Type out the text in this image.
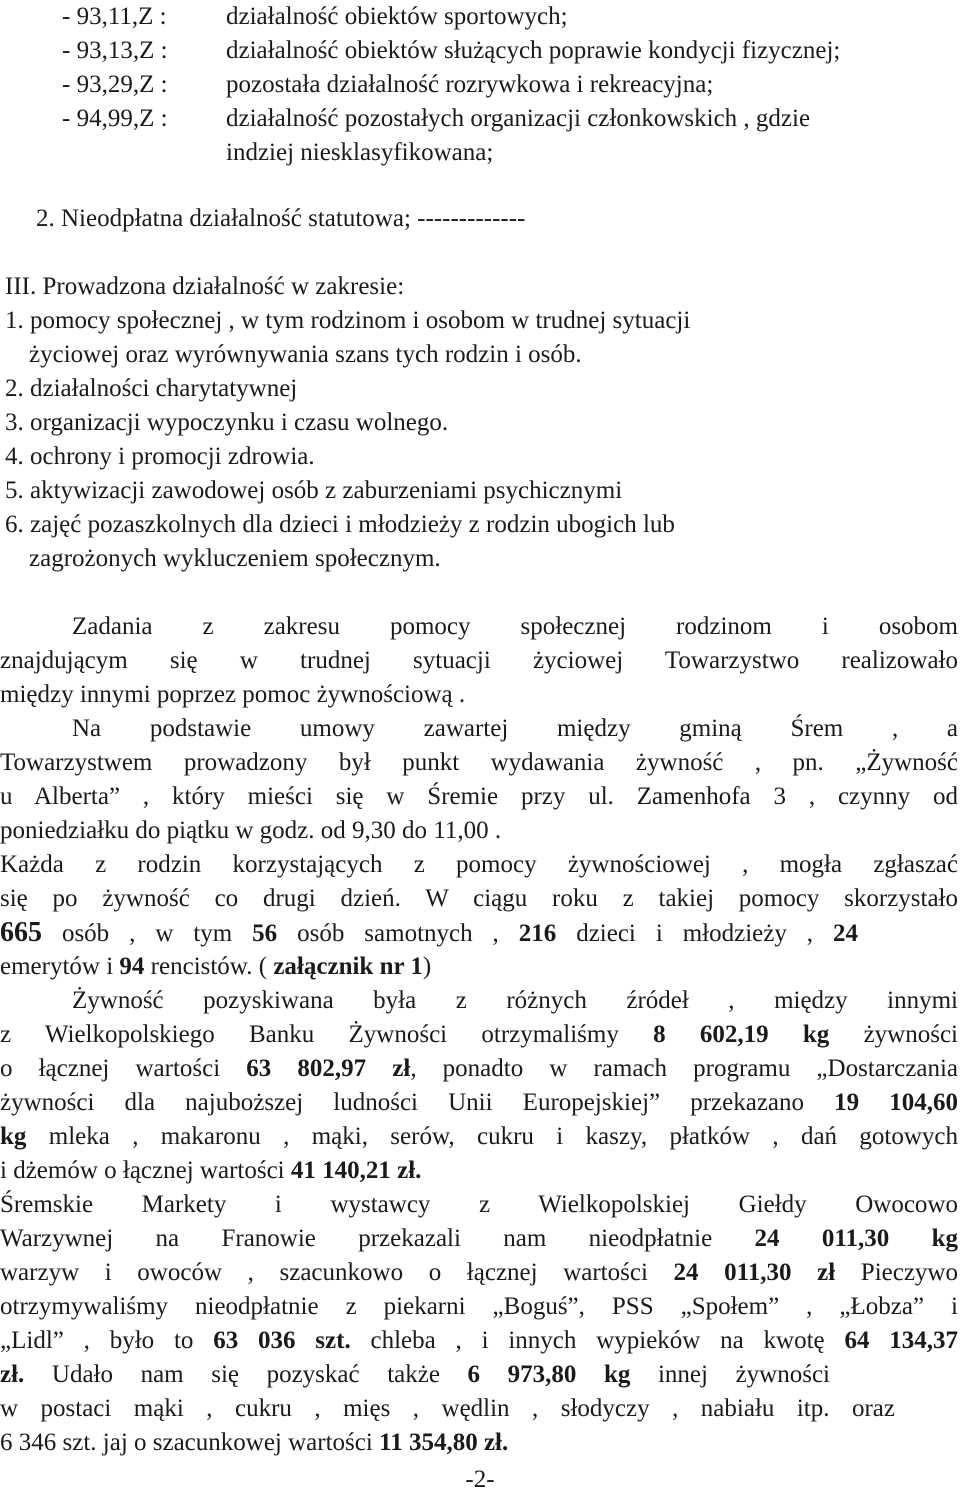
- 93,11,Z :	działalność obiektów sportowych;
- 93,13,Z :	działalność obiektów służących poprawie kondycji fizycznej;
- 93,29,Z :	pozostała działalność rozrywkowa i rekreacyjna;
- 94,99,Z :	działalność pozostałych organizacji członkowskich , gdzie
indziej niesklasyfikowana;
2. Nieodpłatna działalność statutowa; -------------
III. Prowadzona działalność w zakresie:
1. pomocy społecznej , w tym rodzinom i osobom w trudnej sytuacji
życiowej oraz wyrównywania szans tych rodzin i osób.
2. działalności charytatywnej
3. organizacji wypoczynku i czasu wolnego.
4. ochrony i promocji zdrowia.
5. aktywizacji zawodowej osób z zaburzeniami psychicznymi
6. zajęć pozaszkolnych dla dzieci i młodzieży z rodzin ubogich lub
zagrożonych wykluczeniem społecznym.
Zadania z zakresu pomocy społecznej rodzinom i osobom
znajdującym się w trudnej sytuacji życiowej Towarzystwo realizowało
między innymi poprzez pomoc żywnościową .
Na podstawie umowy zawartej między gminą Śrem , a
Towarzystwem prowadzony był punkt wydawania żywność , pn. „Żywność
u Alberta” , który mieści się w Śremie przy ul. Zamenhofa 3 , czynny od
poniedziałku do piątku w godz. od 9,30 do 11,00 .
Każda z rodzin korzystających z pomocy żywnościowej , mogła zgłaszać
się po żywność co drugi dzień. W ciągu roku z takiej pomocy skorzystało
665 osób , w tym 56 osób samotnych , 216 dzieci i młodzieży , 24
emerytów i 94 rencistów. ( załącznik nr 1)
Żywność pozyskiwana była z różnych źródeł , między innymi
z Wielkopolskiego Banku Żywności otrzymaliśmy 8 602,19 kg żywności
o łącznej wartości 63 802,97 zł, ponadto w ramach programu „Dostarczania
żywności dla najuboższej ludności Unii Europejskiej” przekazano 19 104,60
kg mleka , makaronu , mąki, serów, cukru i kaszy, płatków , dań gotowych
i dżemów o łącznej wartości 41 140,21 zł.
Śremskie Markety i wystawcy z Wielkopolskiej Giełdy Owocowo
Warzywnej na Franowie przekazali nam nieodpłatnie 24 011,30 kg
warzyw i owoców , szacunkowo o łącznej wartości 24 011,30 zł Pieczywo
otrzymywaliśmy nieodpłatnie z piekarni „Boguś”, PSS „Społem” , „Łobza” i
„Lidl” , było to 63 036 szt. chleba , i innych wypieków na kwotę 64 134,37
zł. Udało nam się pozyskać także 6 973,80 kg innej żywności
w postaci mąki , cukru , mięs , wędlin , słodyczy , nabiału itp. oraz
6 346 szt. jaj o szacunkowej wartości 11 354,80 zł.
-2-
